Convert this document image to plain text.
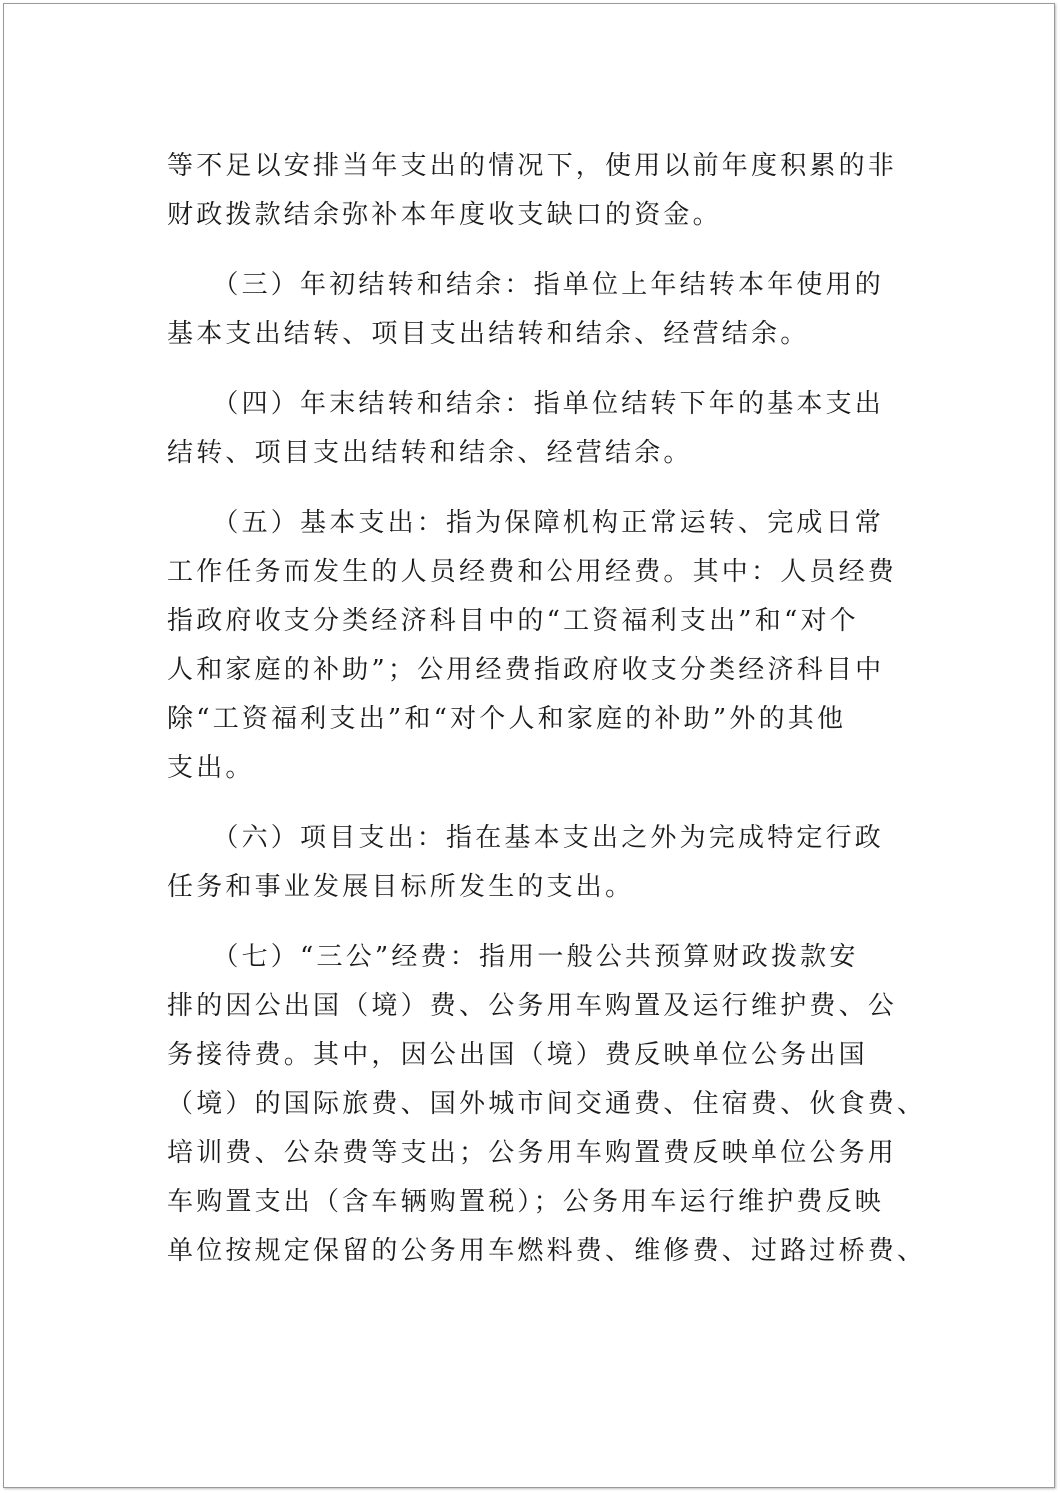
等不足以安排当年支出的情况下，使用以前年度积累的非
财政拨款结余弥补本年度收支缺口的资金。
　　（三）年初结转和结余：指单位上年结转本年使用的
基本支出结转、项目支出结转和结余、经营结余。
　　（四）年末结转和结余：指单位结转下年的基本支出
结转、项目支出结转和结余、经营结余。
　　（五）基本支出：指为保障机构正常运转、完成日常
工作任务而发生的人员经费和公用经费。其中：人员经费
指政府收支分类经济科目中的“工资福利支出”和“对个
人和家庭的补助”；公用经费指政府收支分类经济科目中
除“工资福利支出”和“对个人和家庭的补助”外的其他
支出。
　　（六）项目支出：指在基本支出之外为完成特定行政
任务和事业发展目标所发生的支出。
　　（七）“三公”经费：指用一般公共预算财政拨款安
排的因公出国（境）费、公务用车购置及运行维护费、公
务接待费。其中，因公出国（境）费反映单位公务出国
（境）的国际旅费、国外城市间交通费、住宿费、伙食费、
培训费、公杂费等支出；公务用车购置费反映单位公务用
车购置支出（含车辆购置税）；公务用车运行维护费反映
单位按规定保留的公务用车燃料费、维修费、过路过桥费、
